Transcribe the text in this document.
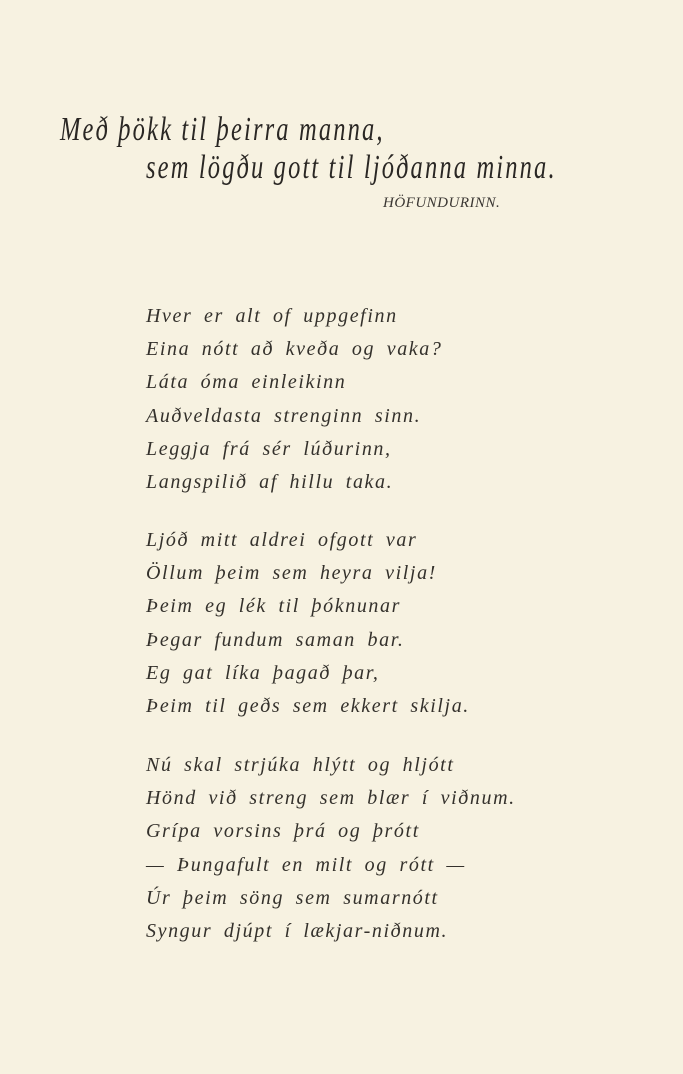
Með þökk til þeirra manna,
sem lögðu gott til ljóðanna minna.
HÖFUNDURINN.
Hver er alt of uppgefinn
Eina nótt að kveða og vaka?
Láta óma einleikinn
Auðveldasta strenginn sinn.
Leggja frá sér lúðurinn,
Langspilið af hillu taka.
Ljóð mitt aldrei ofgott var
Öllum þeim sem heyra vilja!
Þeim eg lék til þóknunar
Þegar fundum saman bar.
Eg gat líka þagað þar,
Þeim til geðs sem ekkert skilja.
Nú skal strjúka hlýtt og hljótt
Hönd við streng sem blær í viðnum.
Grípa vorsins þrá og þrótt
— Þungafult en milt og rótt —
Úr þeim söng sem sumarnótt
Syngur djúpt í lækjar-niðnum.
